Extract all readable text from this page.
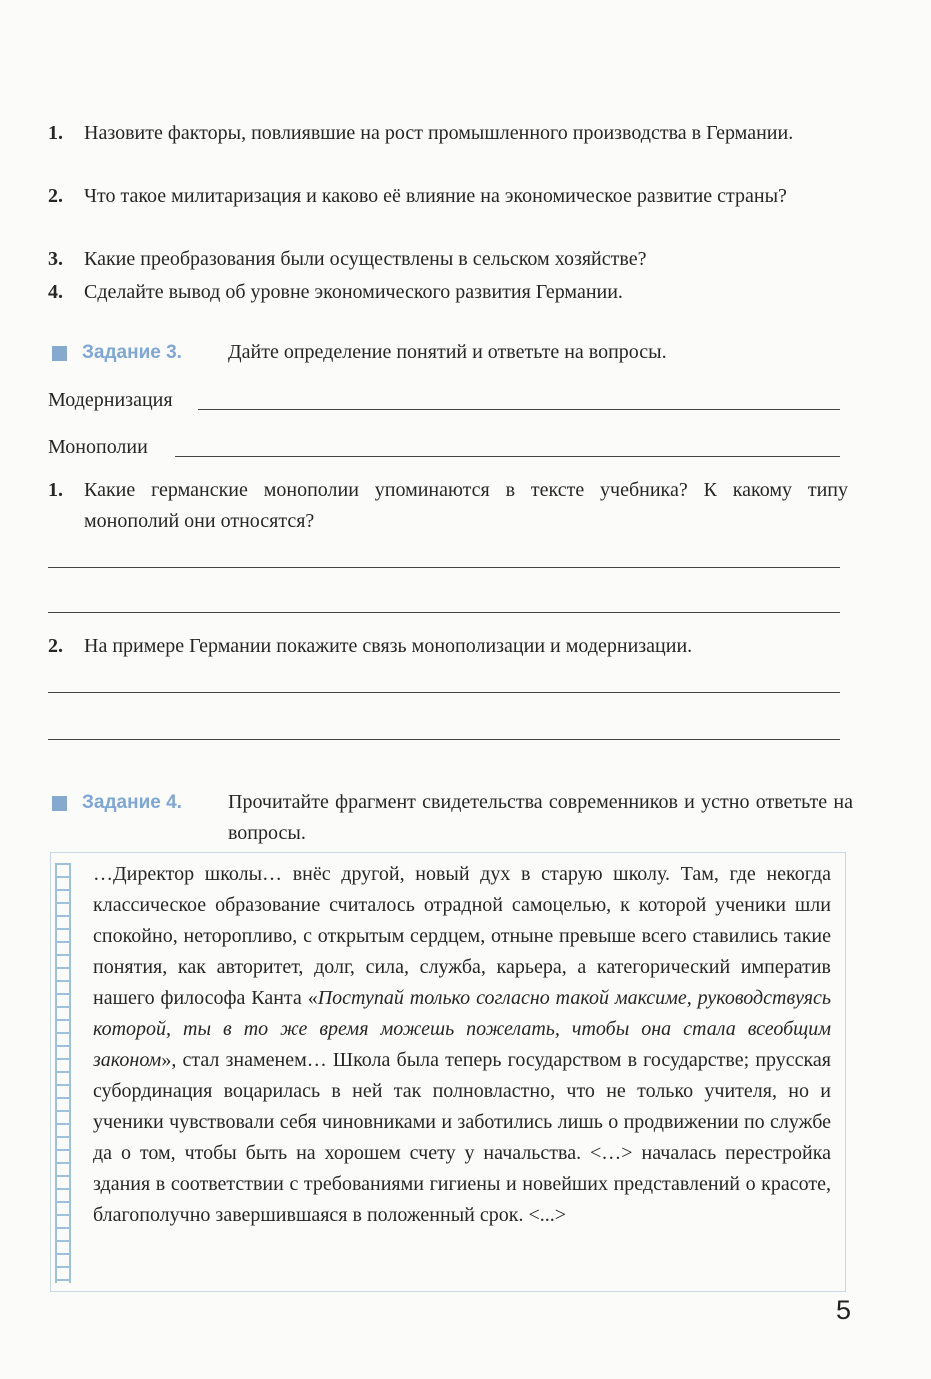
1. Назовите факторы, повлиявшие на рост промышленного производства в Германии.
2. Что такое милитаризация и каково её влияние на экономическое развитие страны?
3. Какие преобразования были осуществлены в сельском хозяйстве?
4. Сделайте вывод об уровне экономического развития Германии.
Задание 3. Дайте определение понятий и ответьте на вопросы.
Модернизация
Монополии
1. Какие германские монополии упоминаются в тексте учебника? К какому типу монополий они относятся?
2. На примере Германии покажите связь монополизации и модернизации.
Задание 4. Прочитайте фрагмент свидетельства современников и устно ответьте на вопросы.
…Директор школы… внёс другой, новый дух в старую школу. Там, где некогда классическое образование считалось отрадной самоцелью, к которой ученики шли спокойно, неторопливо, с открытым сердцем, отныне превыше всего ставились такие понятия, как авторитет, долг, сила, служба, карьера, а категорический императив нашего философа Канта «Поступай только согласно такой максиме, руководствуясь которой, ты в то же время можешь пожелать, чтобы она стала всеобщим законом», стал знаменем… Школа была теперь государством в государстве; прусская субординация воцарилась в ней так полновластно, что не только учителя, но и ученики чувствовали себя чиновниками и заботились лишь о продвижении по службе да о том, чтобы быть на хорошем счету у начальства. <…> началась перестройка здания в соответствии с требованиями гигиены и новейших представлений о красоте, благополучно завершившаяся в положенный срок. <...>
5
